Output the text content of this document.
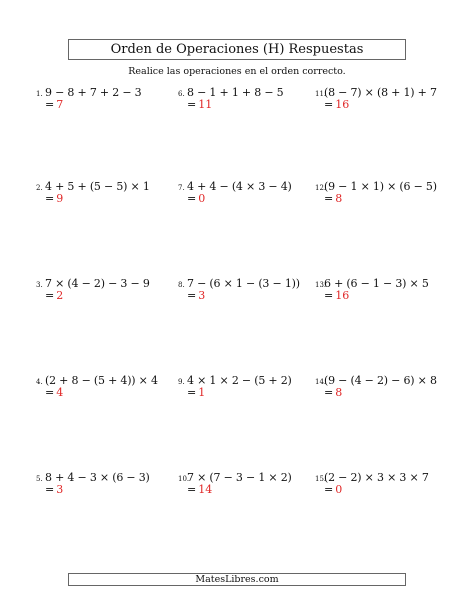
Orden de Operaciones (H) Respuestas
Realice las operaciones en el orden correcto.
1. 9 − 8 + 7 + 2 − 3
= 7
2. 4 + 5 + (5 − 5) × 1
= 9
3. 7 × (4 − 2) − 3 − 9
= 2
4. (2 + 8 − (5 + 4)) × 4
= 4
5. 8 + 4 − 3 × (6 − 3)
= 3
6. 8 − 1 + 1 + 8 − 5
= 11
7. 4 + 4 − (4 × 3 − 4)
= 0
8. 7 − (6 × 1 − (3 − 1))
= 3
9. 4 × 1 × 2 − (5 + 2)
= 1
10.
7 × (7 − 3 − 1 × 2)
= 14
11.
(8 − 7) × (8 + 1) + 7
= 16
12.
(9 − 1 × 1) × (6 − 5)
= 8
13.
6 + (6 − 1 − 3) × 5
= 16
14.
(9 − (4 − 2) − 6) × 8
= 8
15.
(2 − 2) × 3 × 3 × 7
= 0
MatesLibres.com
